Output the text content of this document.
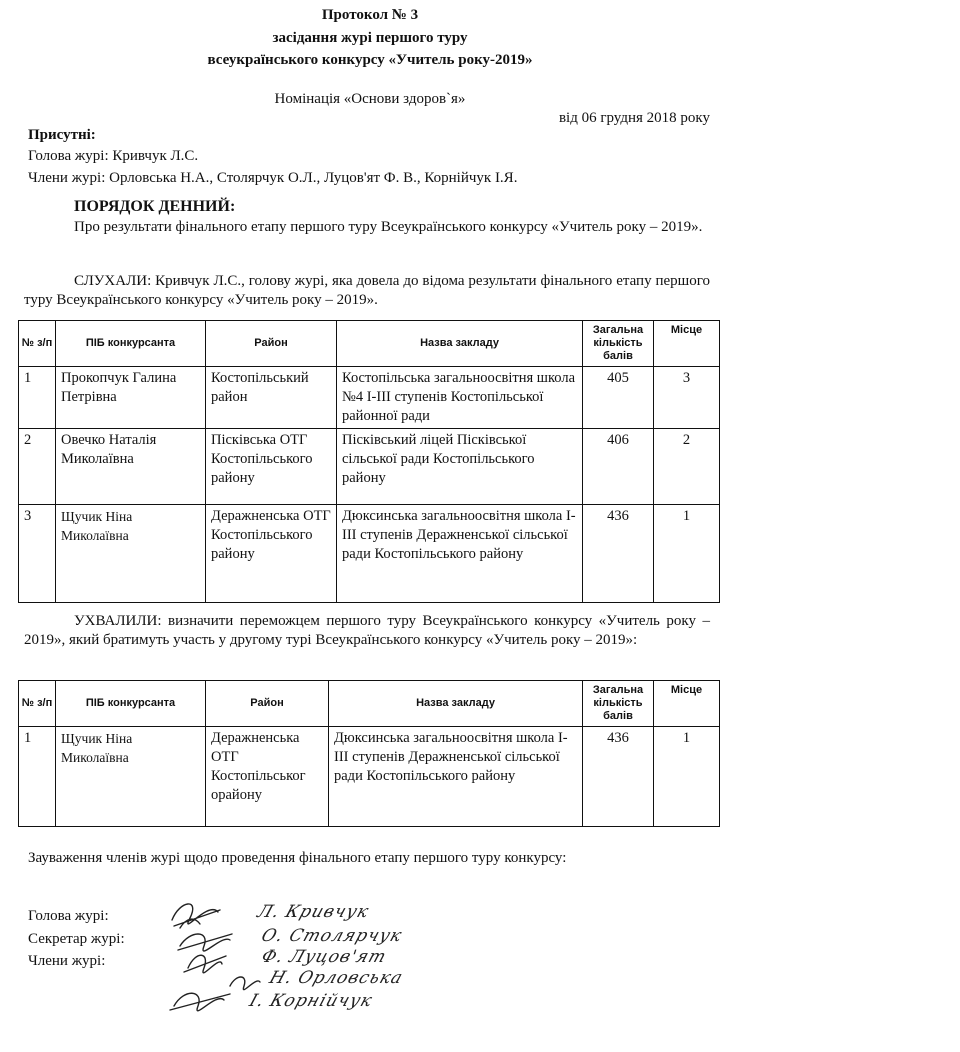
Протокол № 3
засідання журі першого туру
всеукраїнського конкурсу «Учитель року-2019»
Номінація «Основи здоров`я»
від 06 грудня 2018 року
Присутні:
Голова журі: Кривчук Л.С.
Члени журі: Орловська Н.А., Столярчук О.Л., Луцов'ят Ф. В., Корнійчук І.Я.
ПОРЯДОК ДЕННИЙ:
Про результати фінального етапу першого туру Всеукраїнського конкурсу «Учитель року – 2019».
СЛУХАЛИ: Кривчук Л.С., голову журі, яка довела до відома результати фінального етапу першого туру Всеукраїнського конкурсу «Учитель року – 2019».
№ з/п	ПІБ конкурсанта	Район	Назва закладу	Загальна кількість балів	Місце
1	Прокопчук Галина Петрівна	Костопільський район	Костопільська загальноосвітня школа №4 І-ІІІ ступенів Костопільської районної ради	405	3
2	Овечко Наталія Миколаївна	Пісківська ОТГ Костопільського району	Пісківський ліцей Пісківської сільської ради Костопільського району	406	2
3	Щучик Ніна Миколаївна	Деражненська ОТГ Костопільського району	Дюксинська загальноосвітня школа І-ІІІ ступенів Деражненської сільської ради Костопільського району	436	1
УХВАЛИЛИ: визначити переможцем першого туру Всеукраїнського конкурсу «Учитель року – 2019», який братимуть участь у другому турі Всеукраїнського конкурсу «Учитель року – 2019»:
№ з/п	ПІБ конкурсанта	Район	Назва закладу	Загальна кількість балів	Місце
1	Щучик Ніна Миколаївна	Деражненська ОТГ Костопільськог орайону	Дюксинська загальноосвітня школа І-ІІІ ступенів Деражненської сільської ради Костопільського району	436	1
Зауваження членів журі щодо проведення фінального етапу першого туру конкурсу:
Голова журі:
Секретар журі:
Члени журі:
Л. Кривчук
О. Столярчук
Ф. Луцов'ят
Н. Орловська
І. Корнійчук
